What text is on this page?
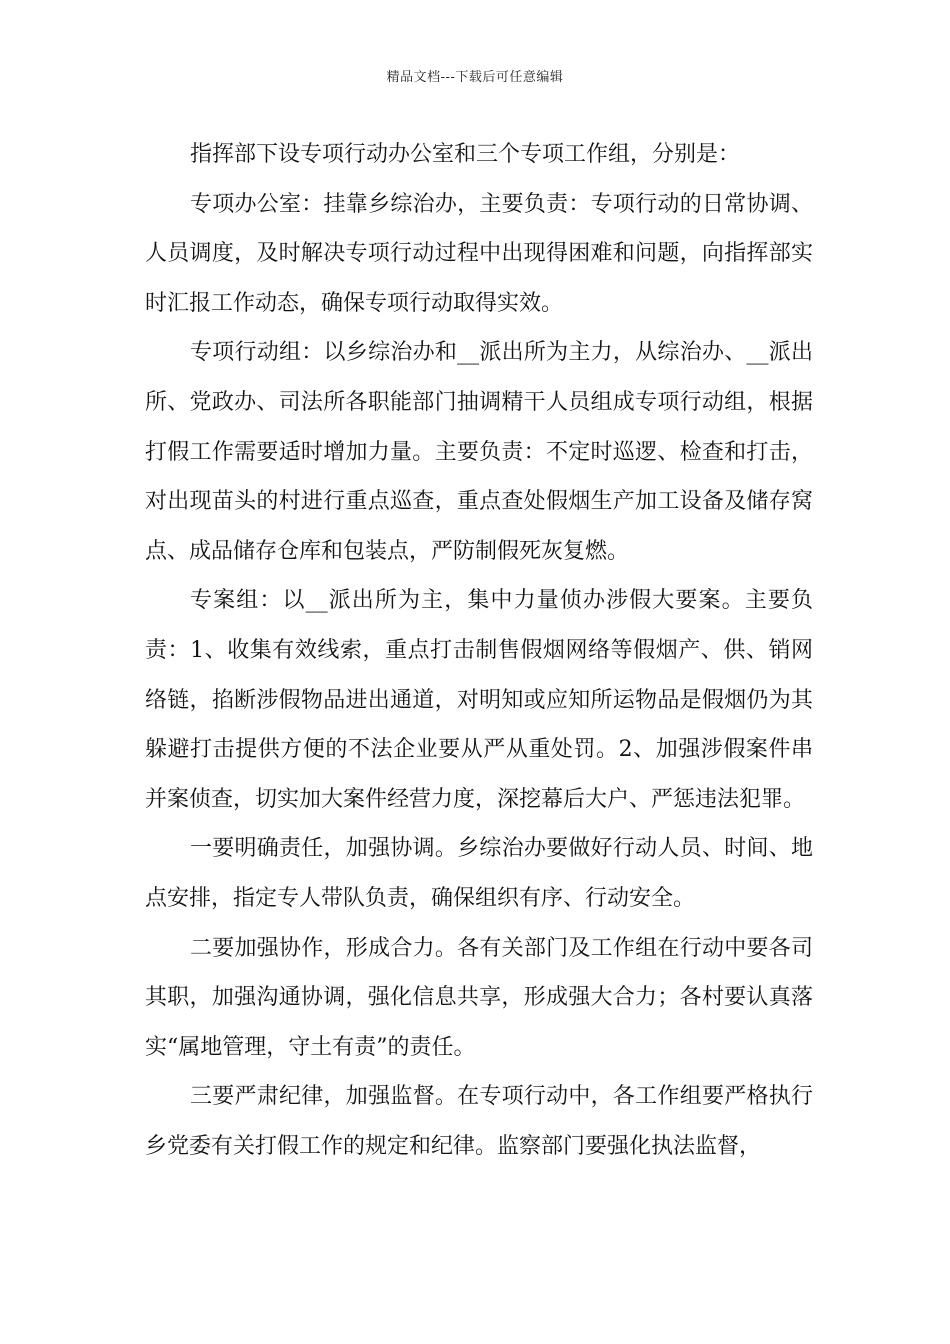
精品文档---下载后可任意编辑

指挥部下设专项行动办公室和三个专项工作组，分别是：

专项办公室：挂靠乡综治办，主要负责：专项行动的日常协调、人员调度，及时解决专项行动过程中出现得困难和问题，向指挥部实时汇报工作动态，确保专项行动取得实效。

专项行动组：以乡综治办和__派出所为主力，从综治办、__派出所、党政办、司法所各职能部门抽调精干人员组成专项行动组，根据打假工作需要适时增加力量。主要负责：不定时巡逻、检查和打击，对出现苗头的村进行重点巡查，重点查处假烟生产加工设备及储存窝点、成品储存仓库和包装点，严防制假死灰复燃。

专案组：以__派出所为主，集中力量侦办涉假大要案。主要负责：1、收集有效线索，重点打击制售假烟网络等假烟产、供、销网络链，掐断涉假物品进出通道，对明知或应知所运物品是假烟仍为其躲避打击提供方便的不法企业要从严从重处罚。2、加强涉假案件串并案侦查，切实加大案件经营力度，深挖幕后大户、严惩违法犯罪。

一要明确责任，加强协调。乡综治办要做好行动人员、时间、地点安排，指定专人带队负责，确保组织有序、行动安全。

二要加强协作，形成合力。各有关部门及工作组在行动中要各司其职，加强沟通协调，强化信息共享，形成强大合力；各村要认真落实“属地管理，守土有责”的责任。

三要严肃纪律，加强监督。在专项行动中，各工作组要严格执行乡党委有关打假工作的规定和纪律。监察部门要强化执法监督，
